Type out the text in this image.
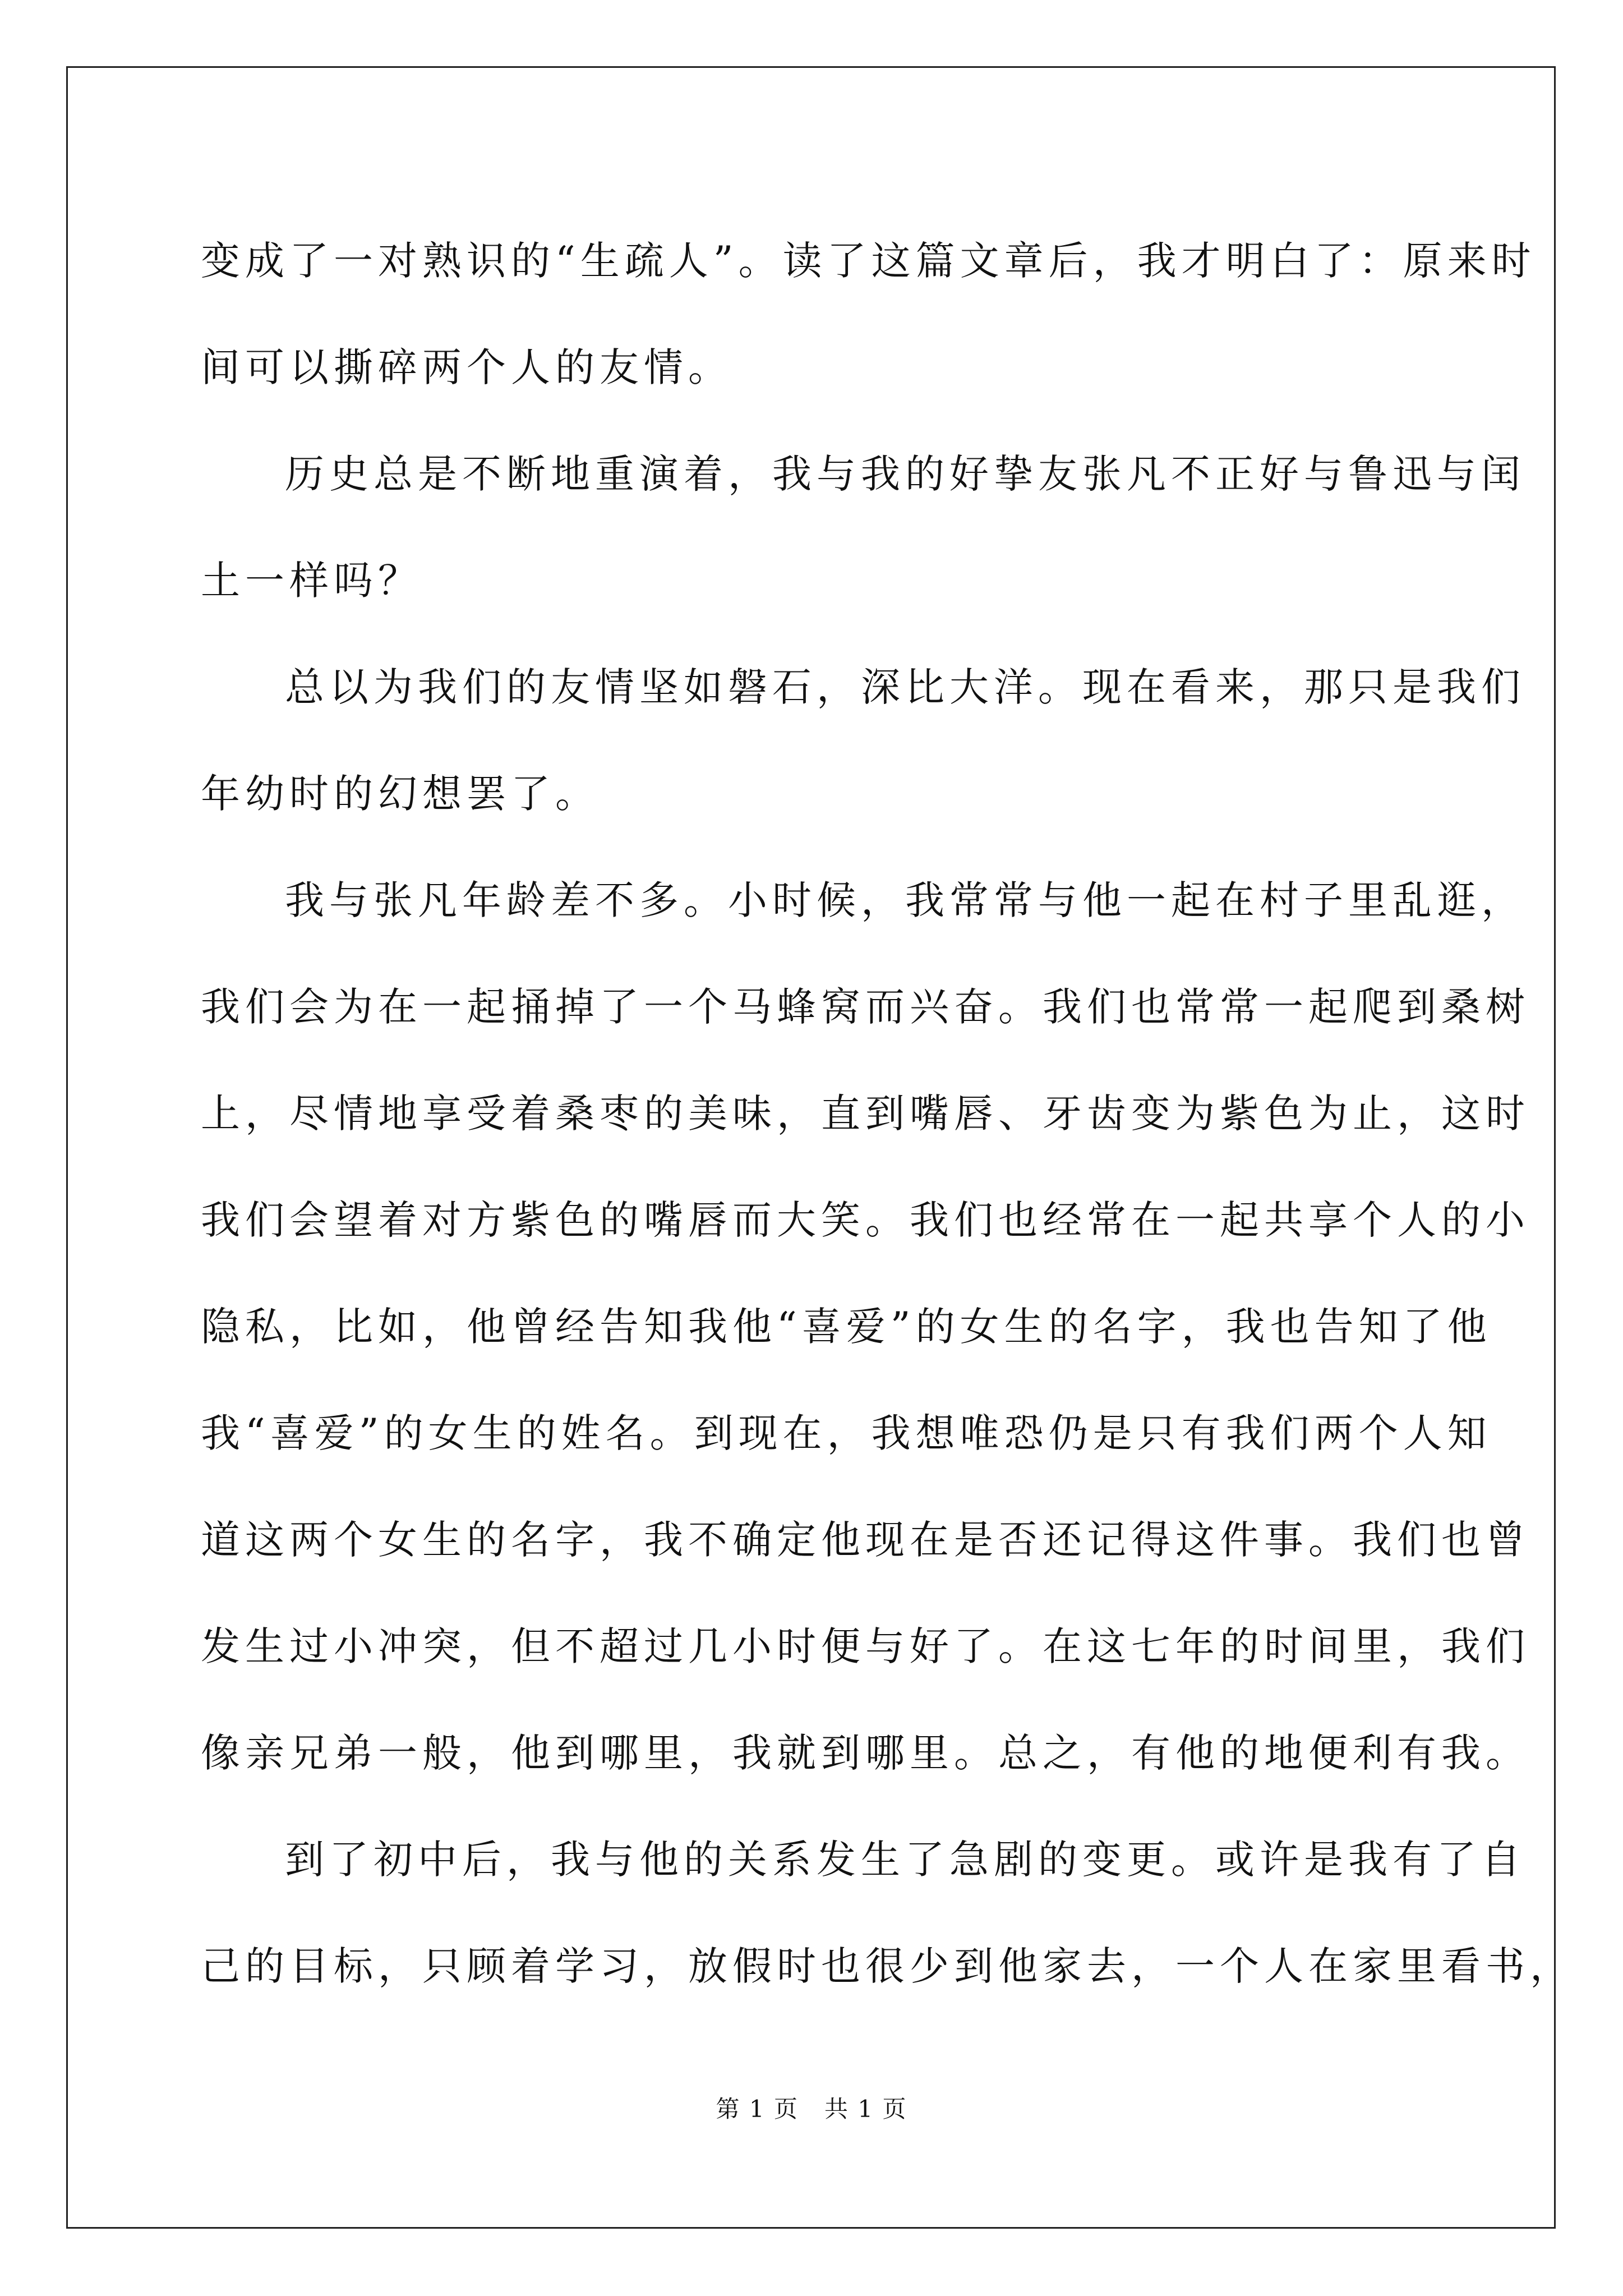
变成了一对熟识的“生疏人”。读了这篇文章后，我才明白了：原来时
间可以撕碎两个人的友情。
历史总是不断地重演着，我与我的好挚友张凡不正好与鲁迅与闰
土一样吗？
总以为我们的友情坚如磐石，深比大洋。现在看来，那只是我们
年幼时的幻想罢了。
我与张凡年龄差不多。小时候，我常常与他一起在村子里乱逛，
我们会为在一起捅掉了一个马蜂窝而兴奋。我们也常常一起爬到桑树
上，尽情地享受着桑枣的美味，直到嘴唇、牙齿变为紫色为止，这时
我们会望着对方紫色的嘴唇而大笑。我们也经常在一起共享个人的小
隐私，比如，他曾经告知我他“喜爱”的女生的名字，我也告知了他
我“喜爱”的女生的姓名。到现在，我想唯恐仍是只有我们两个人知
道这两个女生的名字，我不确定他现在是否还记得这件事。我们也曾
发生过小冲突，但不超过几小时便与好了。在这七年的时间里，我们
像亲兄弟一般，他到哪里，我就到哪里。总之，有他的地便利有我。
到了初中后，我与他的关系发生了急剧的变更。或许是我有了自
己的目标，只顾着学习，放假时也很少到他家去，一个人在家里看书，
第 1 页   共 1 页
